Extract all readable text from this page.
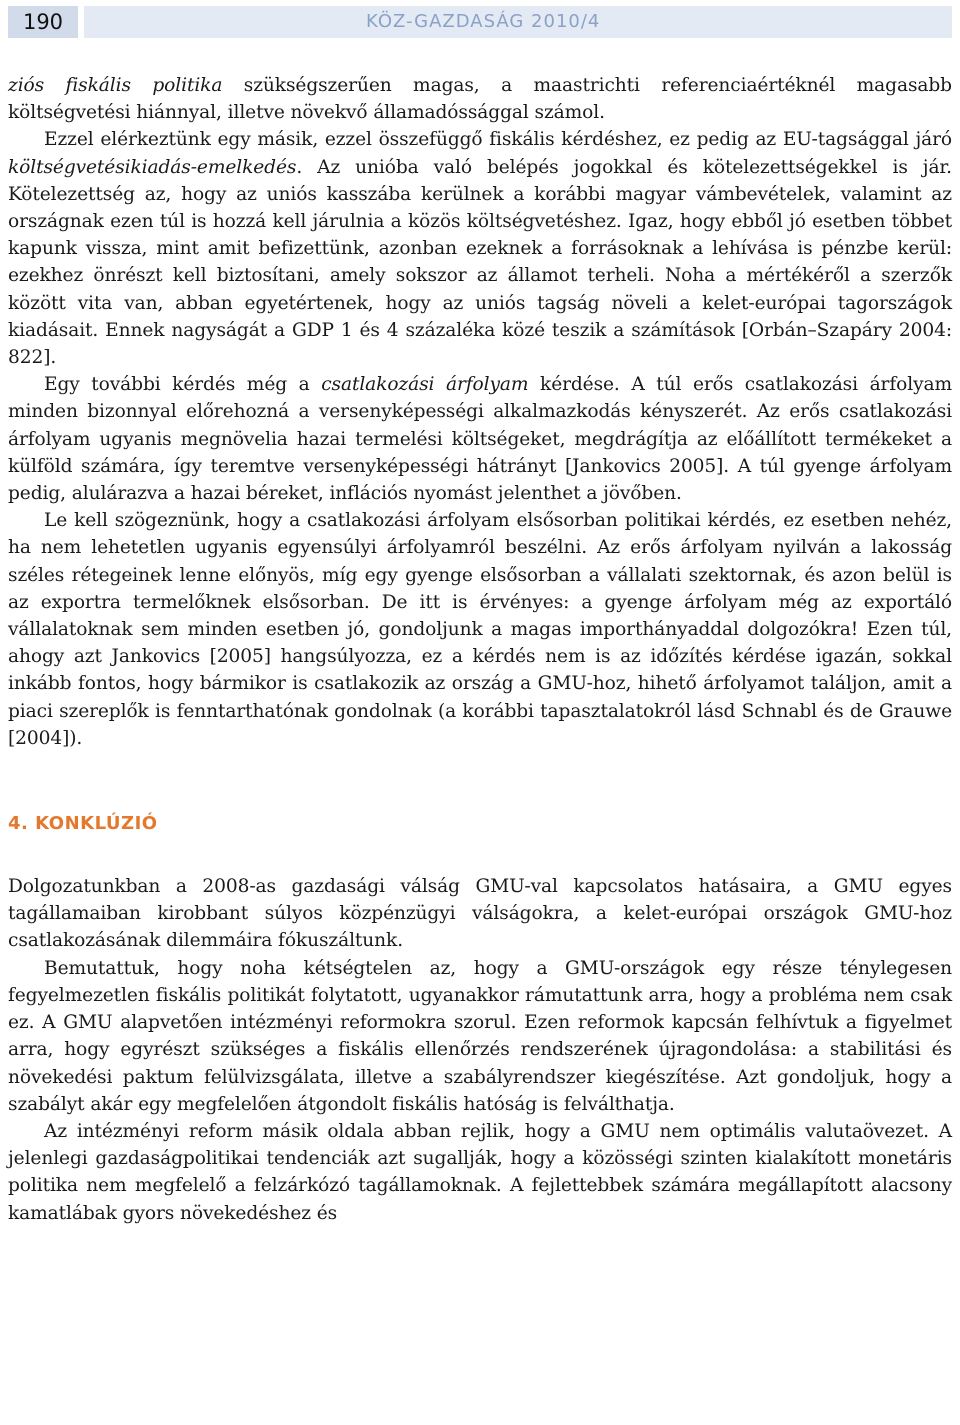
190	KÖZ-GAZDASÁG 2010/4

ziós fiskális politika szükségszerűen magas, a maastrichti referenciaértéknél magasabb költségvetési hiánnyal, illetve növekvő államadóssággal számol.

Ezzel elérkeztünk egy másik, ezzel összefüggő fiskális kérdéshez, ez pedig az EU-tagsággal járó költségvetésikiadás-emelkedés. Az unióba való belépés jogokkal és kötelezettségekkel is jár. Kötelezettség az, hogy az uniós kasszába kerülnek a korábbi magyar vámbevételek, valamint az országnak ezen túl is hozzá kell járulnia a közös költségvetéshez. Igaz, hogy ebből jó esetben többet kapunk vissza, mint amit befizettünk, azonban ezeknek a forrásoknak a lehívása is pénzbe kerül: ezekhez önrészt kell biztosítani, amely sokszor az államot terheli. Noha a mértékéről a szerzők között vita van, abban egyetértenek, hogy az uniós tagság növeli a kelet-európai tagországok kiadásait. Ennek nagyságát a GDP 1 és 4 százaléka közé teszik a számítások [Orbán–Szapáry 2004: 822].

Egy további kérdés még a csatlakozási árfolyam kérdése. A túl erős csatlakozási árfolyam minden bizonnyal előrehozná a versenyképességi alkalmazkodás kényszerét. Az erős csatlakozási árfolyam ugyanis megnövelia hazai termelési költségeket, megdrágítja az előállított termékeket a külföld számára, így teremtve versenyképességi hátrányt [Jankovics 2005]. A túl gyenge árfolyam pedig, alulárazva a hazai béreket, inflációs nyomást jelenthet a jövőben.

Le kell szögeznünk, hogy a csatlakozási árfolyam elsősorban politikai kérdés, ez esetben nehéz, ha nem lehetetlen ugyanis egyensúlyi árfolyamról beszélni. Az erős árfolyam nyilván a lakosság széles rétegeinek lenne előnyös, míg egy gyenge elsősorban a vállalati szektornak, és azon belül is az exportra termelőknek elsősorban. De itt is érvényes: a gyenge árfolyam még az exportáló vállalatoknak sem minden esetben jó, gondoljunk a magas importhányaddal dolgozókra! Ezen túl, ahogy azt Jankovics [2005] hangsúlyozza, ez a kérdés nem is az időzítés kérdése igazán, sokkal inkább fontos, hogy bármikor is csatlakozik az ország a GMU-hoz, hihető árfolyamot találjon, amit a piaci szereplők is fenntarthatónak gondolnak (a korábbi tapasztalatokról lásd Schnabl és de Grauwe [2004]).

4. KONKLÚZIÓ

Dolgozatunkban a 2008-as gazdasági válság GMU-val kapcsolatos hatásaira, a GMU egyes tagállamaiban kirobbant súlyos közpénzügyi válságokra, a kelet-európai országok GMU-hoz csatlakozásának dilemmáira fókuszáltunk.

Bemutattuk, hogy noha kétségtelen az, hogy a GMU-országok egy része ténylegesen fegyelmezetlen fiskális politikát folytatott, ugyanakkor rámutattunk arra, hogy a probléma nem csak ez. A GMU alapvetően intézményi reformokra szorul. Ezen reformok kapcsán felhívtuk a figyelmet arra, hogy egyrészt szükséges a fiskális ellenőrzés rendszerének újragondolása: a stabilitási és növekedési paktum felülvizsgálata, illetve a szabályrendszer kiegészítése. Azt gondoljuk, hogy a szabályt akár egy megfelelően átgondolt fiskális hatóság is felválthatja.

Az intézményi reform másik oldala abban rejlik, hogy a GMU nem optimális valutaövezet. A jelenlegi gazdaságpolitikai tendenciák azt sugallják, hogy a közösségi szinten kialakított monetáris politika nem megfelelő a felzárkózó tagállamoknak. A fejlettebbek számára megállapított alacsony kamatlábak gyors növekedéshez és
